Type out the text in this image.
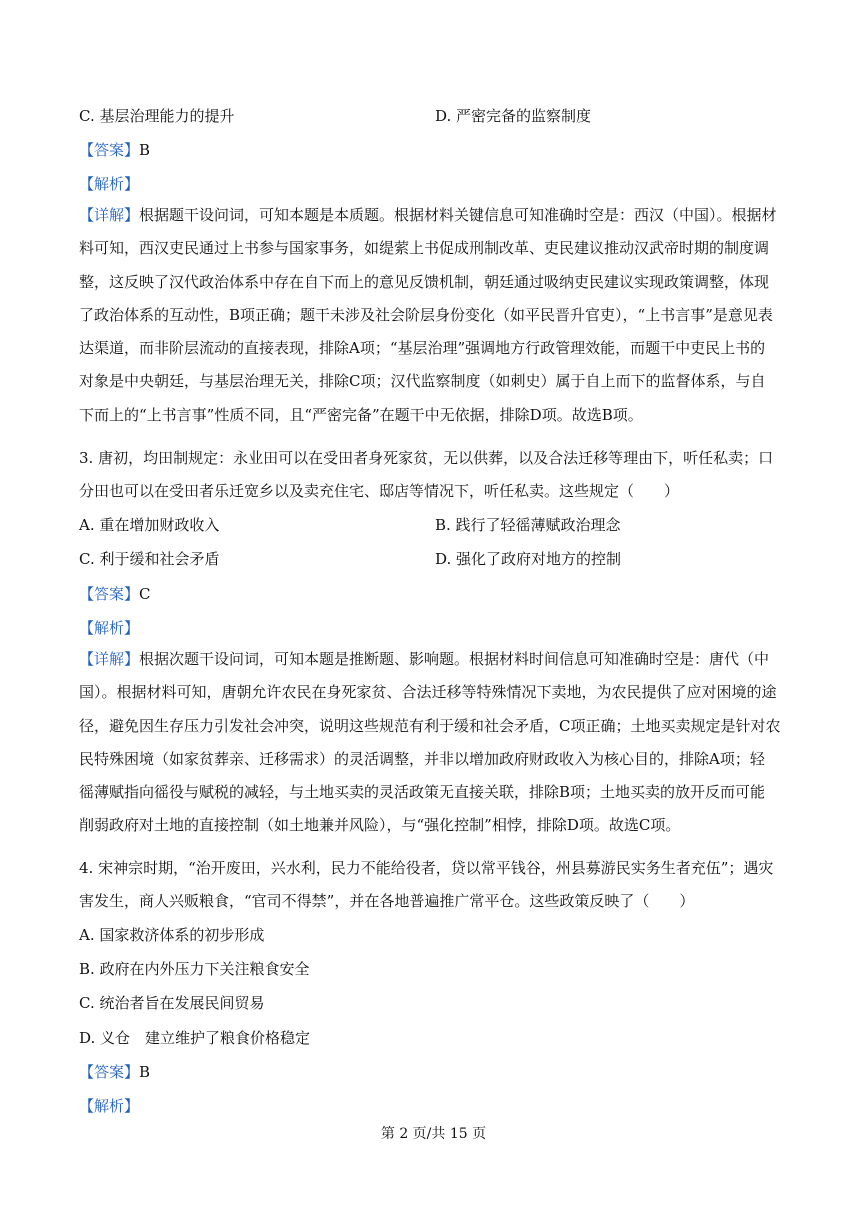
C. 基层治理能力的提升	D. 严密完备的监察制度
【答案】B
【解析】
【详解】根据题干设问词，可知本题是本质题。根据材料关键信息可知准确时空是：西汉（中国）。根据材
料可知，西汉吏民通过上书参与国家事务，如缇萦上书促成刑制改革、吏民建议推动汉武帝时期的制度调
整，这反映了汉代政治体系中存在自下而上的意见反馈机制，朝廷通过吸纳吏民建议实现政策调整，体现
了政治体系的互动性，B项正确；题干未涉及社会阶层身份变化（如平民晋升官吏），“上书言事”是意见表
达渠道，而非阶层流动的直接表现，排除A项；“基层治理”强调地方行政管理效能，而题干中吏民上书的
对象是中央朝廷，与基层治理无关，排除C项；汉代监察制度（如刺史）属于自上而下的监督体系，与自
下而上的“上书言事”性质不同，且“严密完备”在题干中无依据，排除D项。故选B项。
3. 唐初，均田制规定：永业田可以在受田者身死家贫，无以供葬，以及合法迁移等理由下，听任私卖；口
分田也可以在受田者乐迁宽乡以及卖充住宅、邸店等情况下，听任私卖。这些规定（　　）
A. 重在增加财政收入	B. 践行了轻徭薄赋政治理念
C. 利于缓和社会矛盾	D. 强化了政府对地方的控制
【答案】C
【解析】
【详解】根据次题干设问词，可知本题是推断题、影响题。根据材料时间信息可知准确时空是：唐代（中
国）。根据材料可知，唐朝允许农民在身死家贫、合法迁移等特殊情况下卖地，为农民提供了应对困境的途
径，避免因生存压力引发社会冲突，说明这些规范有利于缓和社会矛盾，C项正确；土地买卖规定是针对农
民特殊困境（如家贫葬亲、迁移需求）的灵活调整，并非以增加政府财政收入为核心目的，排除A项；轻
徭薄赋指向徭役与赋税的减轻，与土地买卖的灵活政策无直接关联，排除B项；土地买卖的放开反而可能
削弱政府对土地的直接控制（如土地兼并风险），与“强化控制”相悖，排除D项。故选C项。
4. 宋神宗时期，“治开废田，兴水利，民力不能给役者，贷以常平钱谷，州县募游民实务生者充伍”；遇灾
害发生，商人兴贩粮食，“官司不得禁”，并在各地普遍推广常平仓。这些政策反映了（　　）
A. 国家救济体系的初步形成
B. 政府在内外压力下关注粮食安全
C. 统治者旨在发展民间贸易
D. 义仓　建立维护了粮食价格稳定
【答案】B
【解析】
第 2 页/共 15 页
